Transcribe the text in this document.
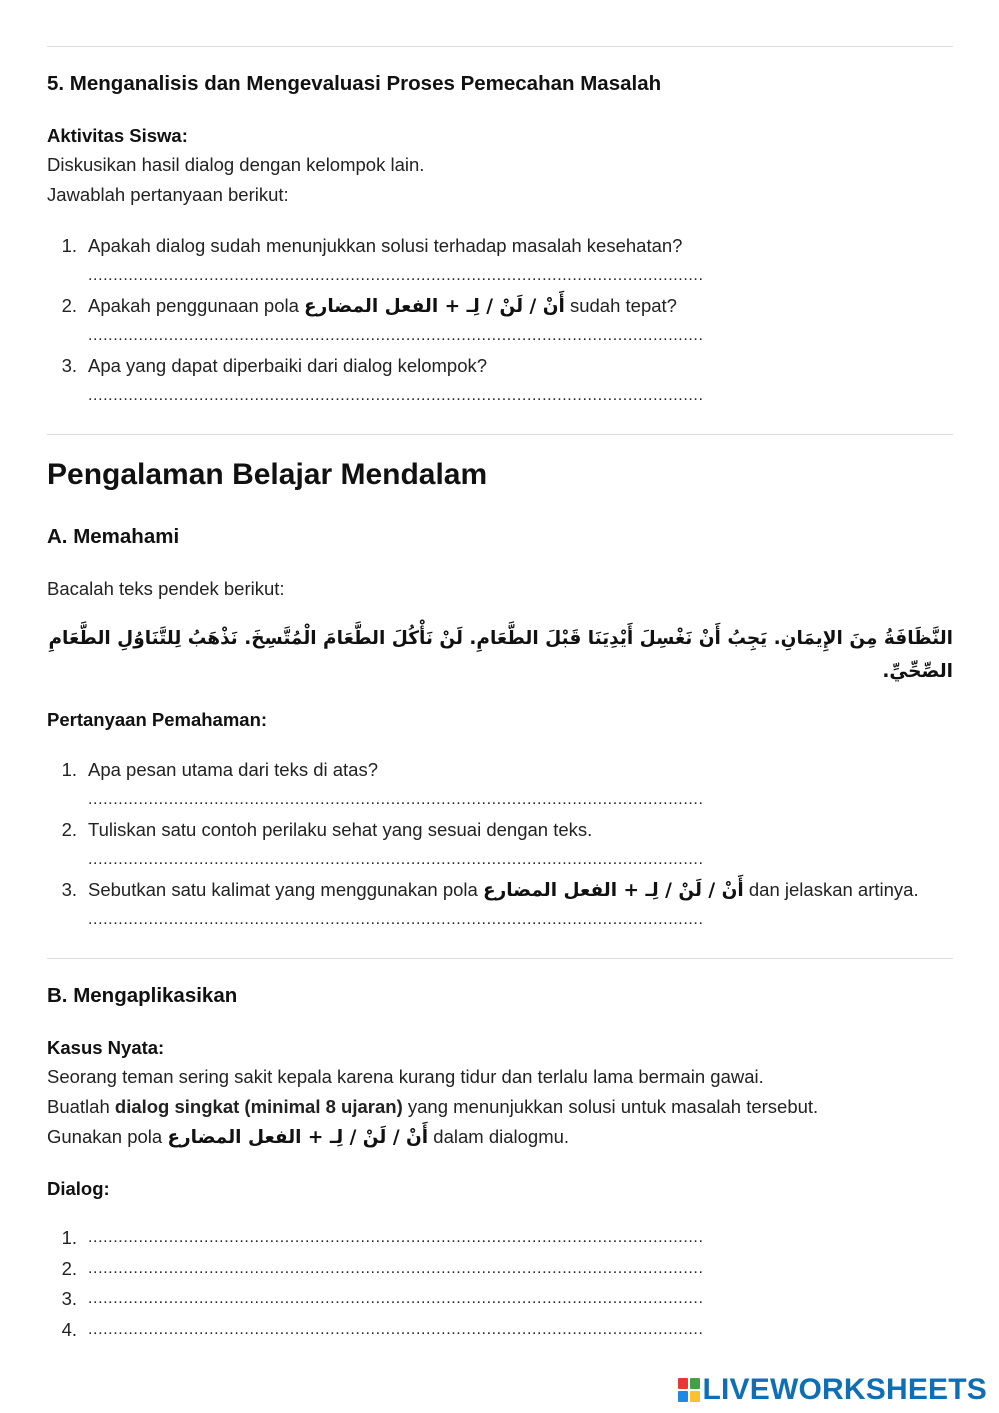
5. Menganalisis dan Mengevaluasi Proses Pemecahan Masalah
Aktivitas Siswa:
Diskusikan hasil dialog dengan kelompok lain.
Jawablah pertanyaan berikut:
1. Apakah dialog sudah menunjukkan solusi terhadap masalah kesehatan?
..........................................................................................................................
2. Apakah penggunaan pola أَنْ / لَنْ / لِـ + الفعل المضارع sudah tepat?
..........................................................................................................................
3. Apa yang dapat diperbaiki dari dialog kelompok?
..........................................................................................................................
Pengalaman Belajar Mendalam
A. Memahami
Bacalah teks pendek berikut:
النَّظَافَةُ مِنَ الإِيمَانِ. يَجِبُ أَنْ نَغْسِلَ أَيْدِيَنَا قَبْلَ الطَّعَامِ. لَنْ نَأْكُلَ الطَّعَامَ الْمُتَّسِخَ. نَذْهَبُ لِلتَّنَاوُلِ الطَّعَامِ الصِّحِّيِّ.
Pertanyaan Pemahaman:
1. Apa pesan utama dari teks di atas?
..........................................................................................................................
2. Tuliskan satu contoh perilaku sehat yang sesuai dengan teks.
..........................................................................................................................
3. Sebutkan satu kalimat yang menggunakan pola أَنْ / لَنْ / لِـ + الفعل المضارع dan jelaskan artinya.
..........................................................................................................................
B. Mengaplikasikan
Kasus Nyata:
Seorang teman sering sakit kepala karena kurang tidur dan terlalu lama bermain gawai.
Buatlah dialog singkat (minimal 8 ujaran) yang menunjukkan solusi untuk masalah tersebut.
Gunakan pola أَنْ / لَنْ / لِـ + الفعل المضارع dalam dialogmu.
Dialog:
1. ..........................................................................................................................
2. ..........................................................................................................................
3. ..........................................................................................................................
4. ..........................................................................................................................
LIVEWORKSHEETS
